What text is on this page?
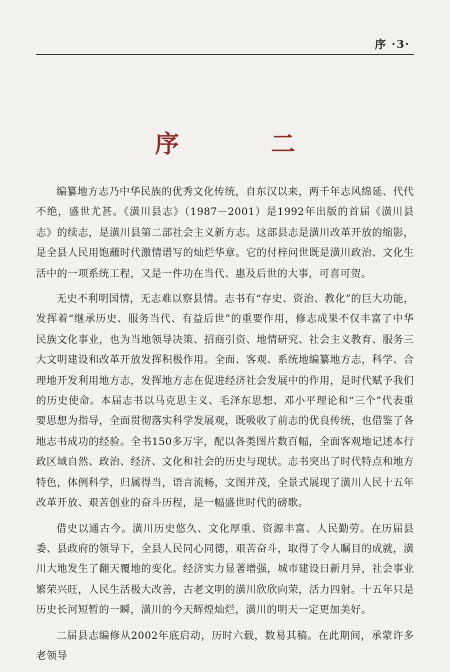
序 ·3·
序　二

编纂地方志乃中华民族的优秀文化传统，自东汉以来，两千年志风绵延、代代不绝，盛世尤甚。《潢川县志》（1987－2001）是1992年出版的首届《潢川县志》的续志，是潢川县第二部社会主义新方志。这部县志是潢川改革开放的缩影，是全县人民用饱蘸时代激情谱写的灿烂华章。它的付梓问世既是潢川政治、文化生活中的一项系统工程，又是一件功在当代、惠及后世的大事，可喜可贺。

无史不利明国情，无志难以察县情。志书有“存史、资治、教化”的巨大功能，发挥着“继承历史、服务当代、有益后世”的重要作用，修志成果不仅丰富了中华民族文化事业，也为当地领导决策、招商引资、地情研究、社会主义教育、服务三大文明建设和改革开放发挥积极作用。全面、客观、系统地编纂地方志，科学、合理地开发利用地方志，发挥地方志在促进经济社会发展中的作用，是时代赋予我们的历史使命。本届志书以马克思主义、毛泽东思想、邓小平理论和“三个”代表重要思想为指导，全面贯彻落实科学发展观，既吸收了前志的优良传统，也借鉴了各地志书成功的经验。全书150多万字，配以各类图片数百幅，全面客观地记述本行政区域自然、政治、经济、文化和社会的历史与现状。志书突出了时代特点和地方特色，体例科学，归属得当，语言流畅，文图并茂，全景式展现了潢川人民十五年改革开放、艰苦创业的奋斗历程，是一幅盛世时代的磅歌。

借史以通古今。潢川历史悠久、文化厚重、资源丰富、人民勤劳。在历届县委、县政府的领导下，全县人民同心同德，艰苦奋斗，取得了令人瞩目的成就，潢川大地发生了翻天覆地的变化。经济实力显著增强，城市建设日新月异，社会事业繁荣兴旺，人民生活极大改善，古老文明的潢川欣欣向荣，活力四射。十五年只是历史长河短暂的一瞬，潢川的今天辉煌灿烂，潢川的明天一定更加美好。

二届县志编修从2002年底启动，历时六载，数易其稿。在此期间，承蒙许多老领导
